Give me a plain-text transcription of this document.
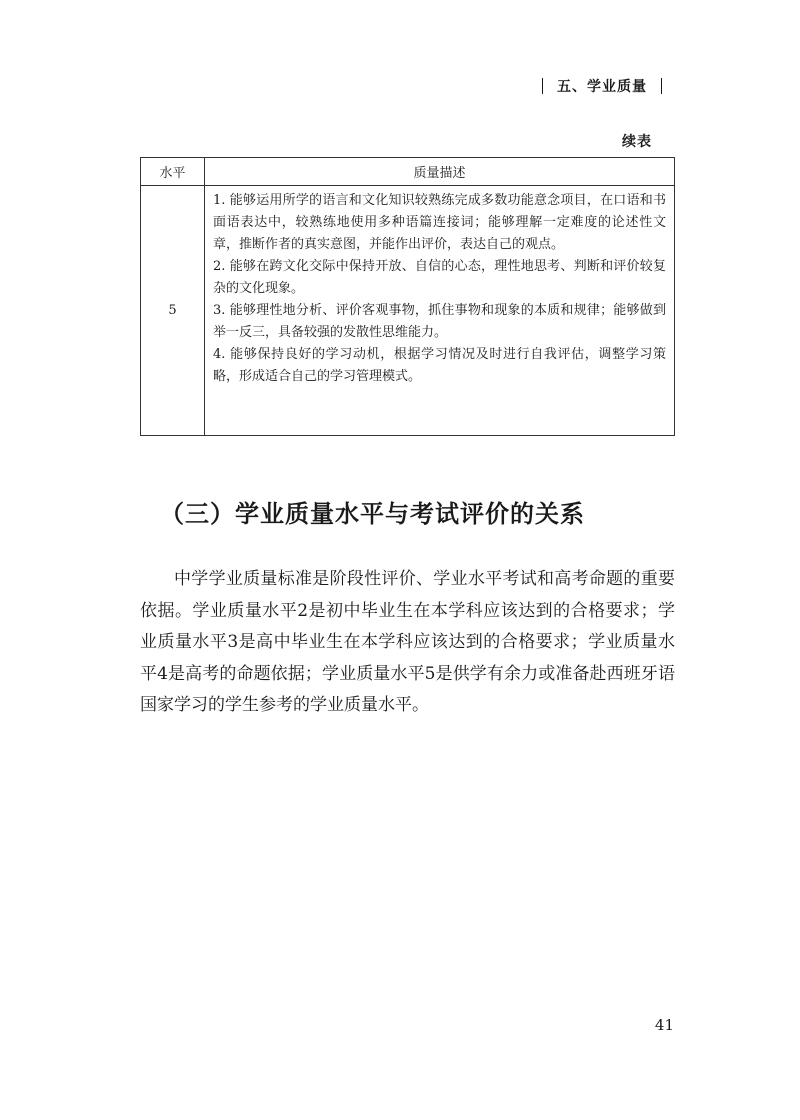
五、学业质量
续表
水平	质量描述
5	1. 能够运用所学的语言和文化知识较熟练完成多数功能意念项目，在口语和书面语表达中，较熟练地使用多种语篇连接词；能够理解一定难度的论述性文章，推断作者的真实意图，并能作出评价，表达自己的观点。

2. 能够在跨文化交际中保持开放、自信的心态，理性地思考、判断和评价较复杂的文化现象。

3. 能够理性地分析、评价客观事物，抓住事物和现象的本质和规律；能够做到举一反三，具备较强的发散性思维能力。

4. 能够保持良好的学习动机，根据学习情况及时进行自我评估，调整学习策略，形成适合自己的学习管理模式。

（三）学业质量水平与考试评价的关系

中学学业质量标准是阶段性评价、学业水平考试和高考命题的重要依据。学业质量水平2是初中毕业生在本学科应该达到的合格要求；学业质量水平3是高中毕业生在本学科应该达到的合格要求；学业质量水平4是高考的命题依据；学业质量水平5是供学有余力或准备赴西班牙语国家学习的学生参考的学业质量水平。

41
